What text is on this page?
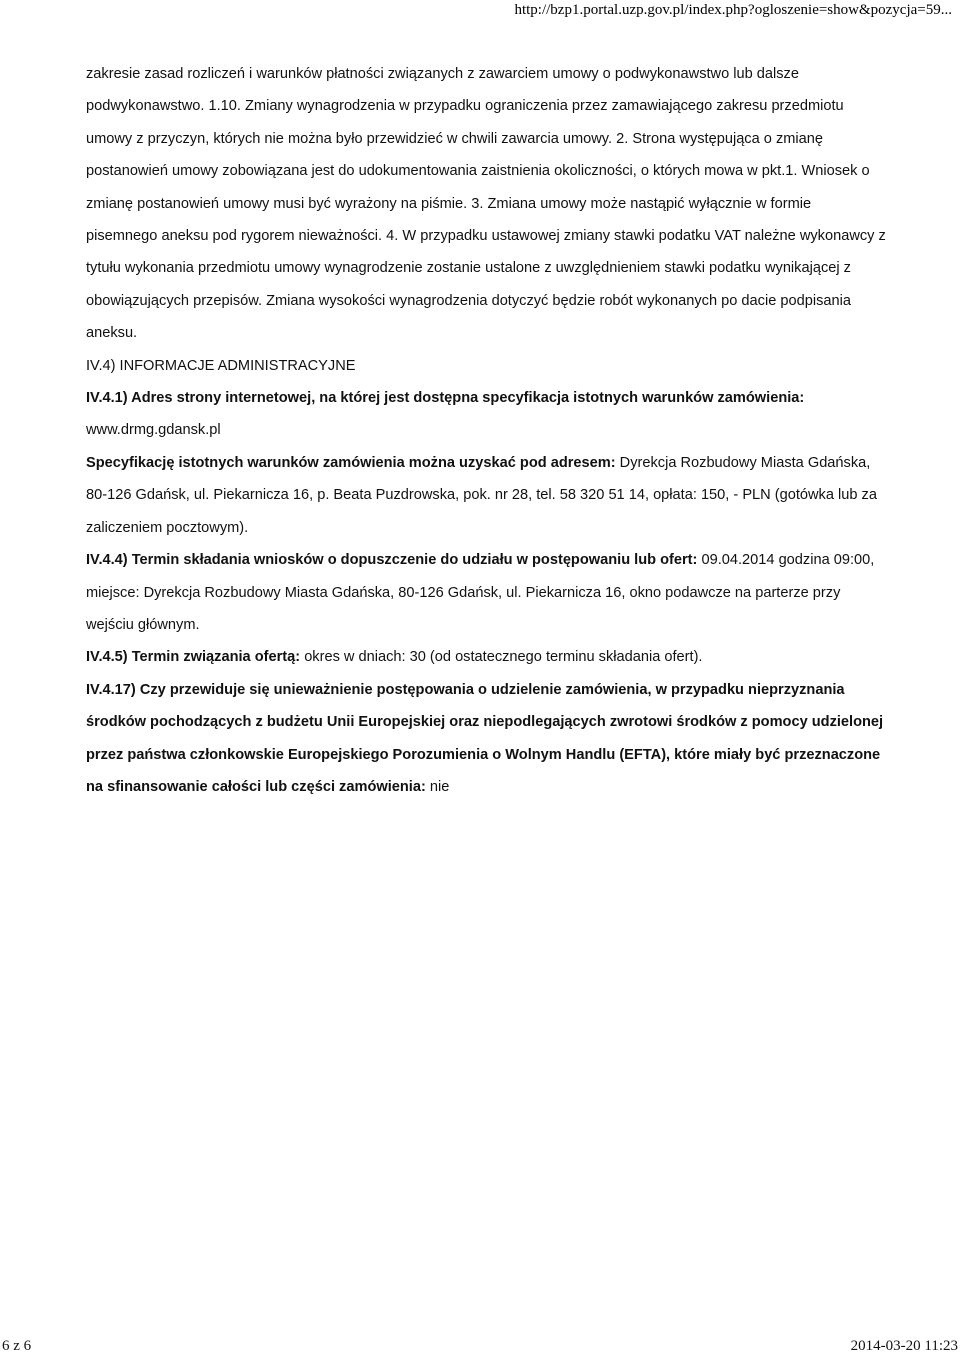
http://bzp1.portal.uzp.gov.pl/index.php?ogloszenie=show&pozycja=59...

zakresie zasad rozliczeń i warunków płatności związanych z zawarciem umowy o podwykonawstwo lub dalsze podwykonawstwo. 1.10. Zmiany wynagrodzenia w przypadku ograniczenia przez zamawiającego zakresu przedmiotu umowy z przyczyn, których nie można było przewidzieć w chwili zawarcia umowy. 2. Strona występująca o zmianę postanowień umowy zobowiązana jest do udokumentowania zaistnienia okoliczności, o których mowa w pkt.1. Wniosek o zmianę postanowień umowy musi być wyrażony na piśmie. 3. Zmiana umowy może nastąpić wyłącznie w formie pisemnego aneksu pod rygorem nieważności. 4. W przypadku ustawowej zmiany stawki podatku VAT należne wykonawcy z tytułu wykonania przedmiotu umowy wynagrodzenie zostanie ustalone z uwzględnieniem stawki podatku wynikającej z obowiązujących przepisów. Zmiana wysokości wynagrodzenia dotyczyć będzie robót wykonanych po dacie podpisania aneksu.

IV.4) INFORMACJE ADMINISTRACYJNE

IV.4.1) Adres strony internetowej, na której jest dostępna specyfikacja istotnych warunków zamówienia: www.drmg.gdansk.pl

Specyfikację istotnych warunków zamówienia można uzyskać pod adresem: Dyrekcja Rozbudowy Miasta Gdańska, 80-126 Gdańsk, ul. Piekarnicza 16, p. Beata Puzdrowska, pok. nr 28, tel. 58 320 51 14, opłata: 150, - PLN (gotówka lub za zaliczeniem pocztowym).

IV.4.4) Termin składania wniosków o dopuszczenie do udziału w postępowaniu lub ofert: 09.04.2014 godzina 09:00, miejsce: Dyrekcja Rozbudowy Miasta Gdańska, 80-126 Gdańsk, ul. Piekarnicza 16, okno podawcze na parterze przy wejściu głównym.

IV.4.5) Termin związania ofertą: okres w dniach: 30 (od ostatecznego terminu składania ofert).

IV.4.17) Czy przewiduje się unieważnienie postępowania o udzielenie zamówienia, w przypadku nieprzyznania środków pochodzących z budżetu Unii Europejskiej oraz niepodlegających zwrotowi środków z pomocy udzielonej przez państwa członkowskie Europejskiego Porozumienia o Wolnym Handlu (EFTA), które miały być przeznaczone na sfinansowanie całości lub części zamówienia: nie

6 z 6	2014-03-20 11:23
